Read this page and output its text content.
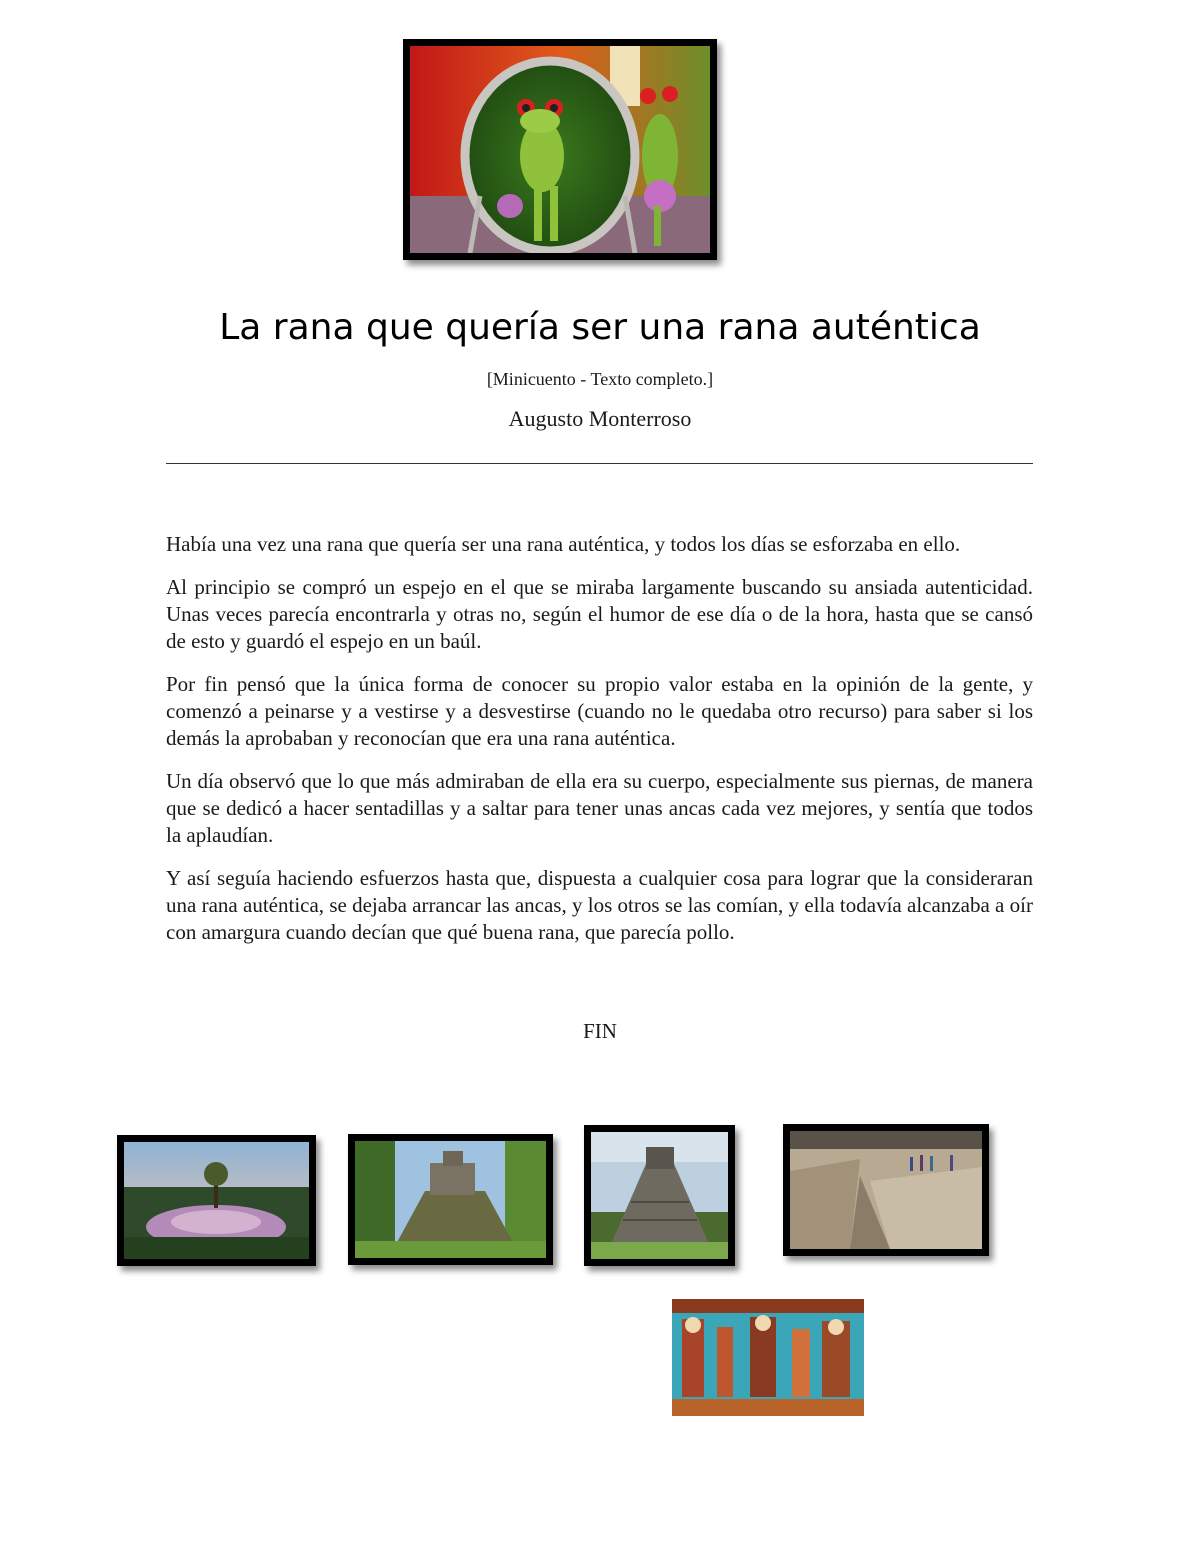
La rana que quería ser una rana auténtica
[Minicuento - Texto completo.]
Augusto Monterroso

Había una vez una rana que quería ser una rana auténtica, y todos los días se esforzaba en ello.

Al principio se compró un espejo en el que se miraba largamente buscando su ansiada autenticidad. Unas veces parecía encontrarla y otras no, según el humor de ese día o de la hora, hasta que se cansó de esto y guardó el espejo en un baúl.

Por fin pensó que la única forma de conocer su propio valor estaba en la opinión de la gente, y comenzó a peinarse y a vestirse y a desvestirse (cuando no le quedaba otro recurso) para saber si los demás la aprobaban y reconocían que era una rana auténtica.

Un día observó que lo que más admiraban de ella era su cuerpo, especialmente sus piernas, de manera que se dedicó a hacer sentadillas y a saltar para tener unas ancas cada vez mejores, y sentía que todos la aplaudían.

Y así seguía haciendo esfuerzos hasta que, dispuesta a cualquier cosa para lograr que la consideraran una rana auténtica, se dejaba arrancar las ancas, y los otros se las comían, y ella todavía alcanzaba a oír con amargura cuando decían que qué buena rana, que parecía pollo.

FIN
